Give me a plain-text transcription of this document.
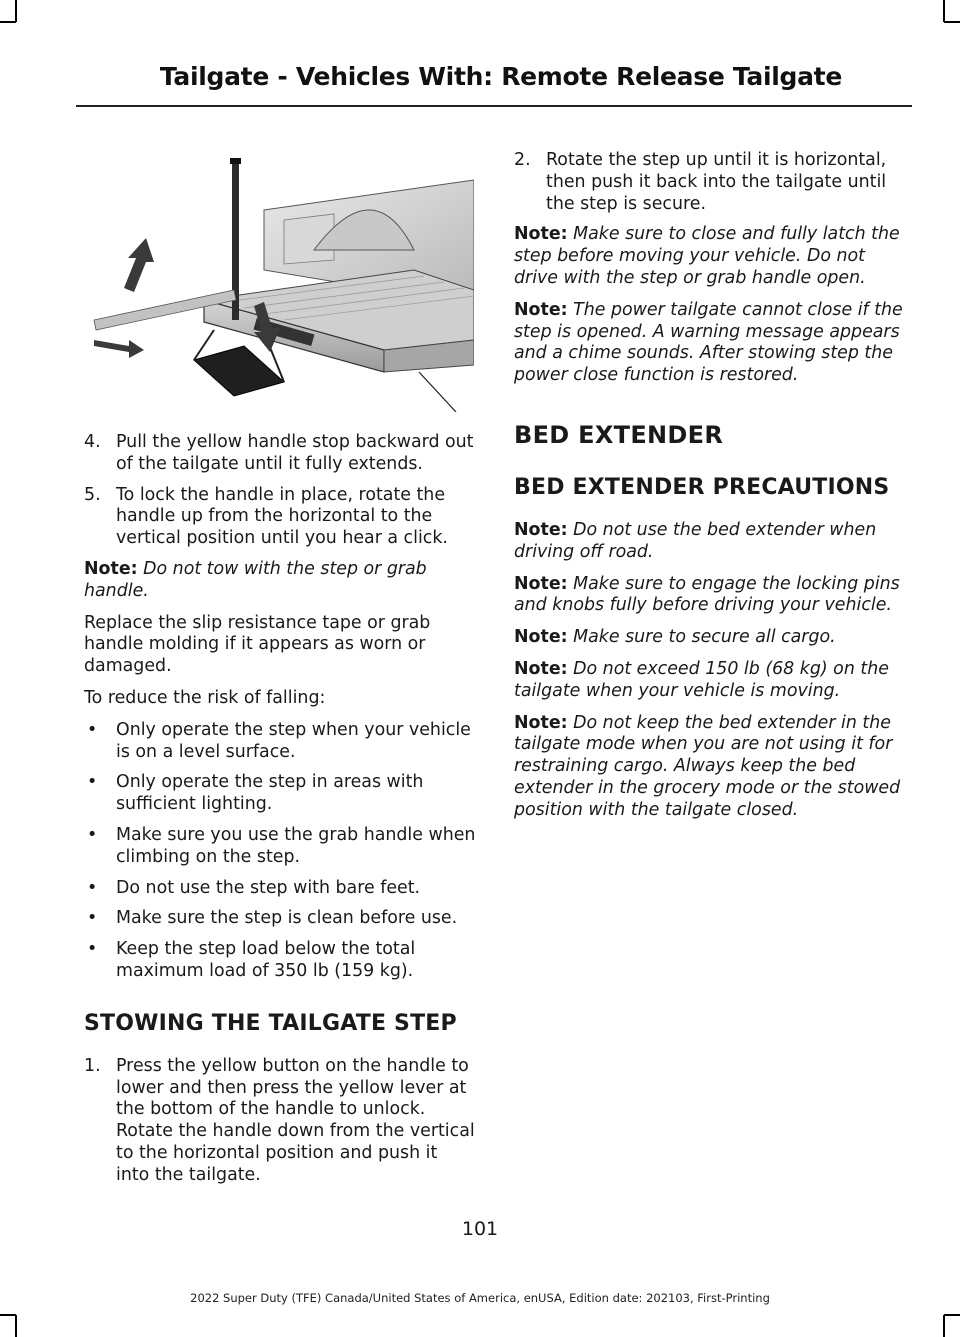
Tailgate - Vehicles With: Remote Release Tailgate
4. Pull the yellow handle stop backward out of the tailgate until it fully extends.
5. To lock the handle in place, rotate the handle up from the horizontal to the vertical position until you hear a click.

Note: Do not tow with the step or grab handle.

Replace the slip resistance tape or grab handle molding if it appears as worn or damaged.

To reduce the risk of falling:

• Only operate the step when your vehicle is on a level surface.
• Only operate the step in areas with sufficient lighting.
• Make sure you use the grab handle when climbing on the step.
• Do not use the step with bare feet.
• Make sure the step is clean before use.
• Keep the step load below the total maximum load of 350 lb (159 kg).
STOWING THE TAILGATE STEP
1. Press the yellow button on the handle to lower and then press the yellow lever at the bottom of the handle to unlock. Rotate the handle down from the vertical to the horizontal position and push it into the tailgate.
2. Rotate the step up until it is horizontal, then push it back into the tailgate until the step is secure.

Note: Make sure to close and fully latch the step before moving your vehicle. Do not drive with the step or grab handle open.

Note: The power tailgate cannot close if the step is opened. A warning message appears and a chime sounds. After stowing step the power close function is restored.

BED EXTENDER
BED EXTENDER PRECAUTIONS

Note: Do not use the bed extender when driving off road.

Note: Make sure to engage the locking pins and knobs fully before driving your vehicle.

Note: Make sure to secure all cargo.

Note: Do not exceed 150 lb (68 kg) on the tailgate when your vehicle is moving.

Note: Do not keep the bed extender in the tailgate mode when you are not using it for restraining cargo. Always keep the bed extender in the grocery mode or the stowed position with the tailgate closed.

101
2022 Super Duty (TFE) Canada/United States of America, enUSA, Edition date: 202103, First-Printing
